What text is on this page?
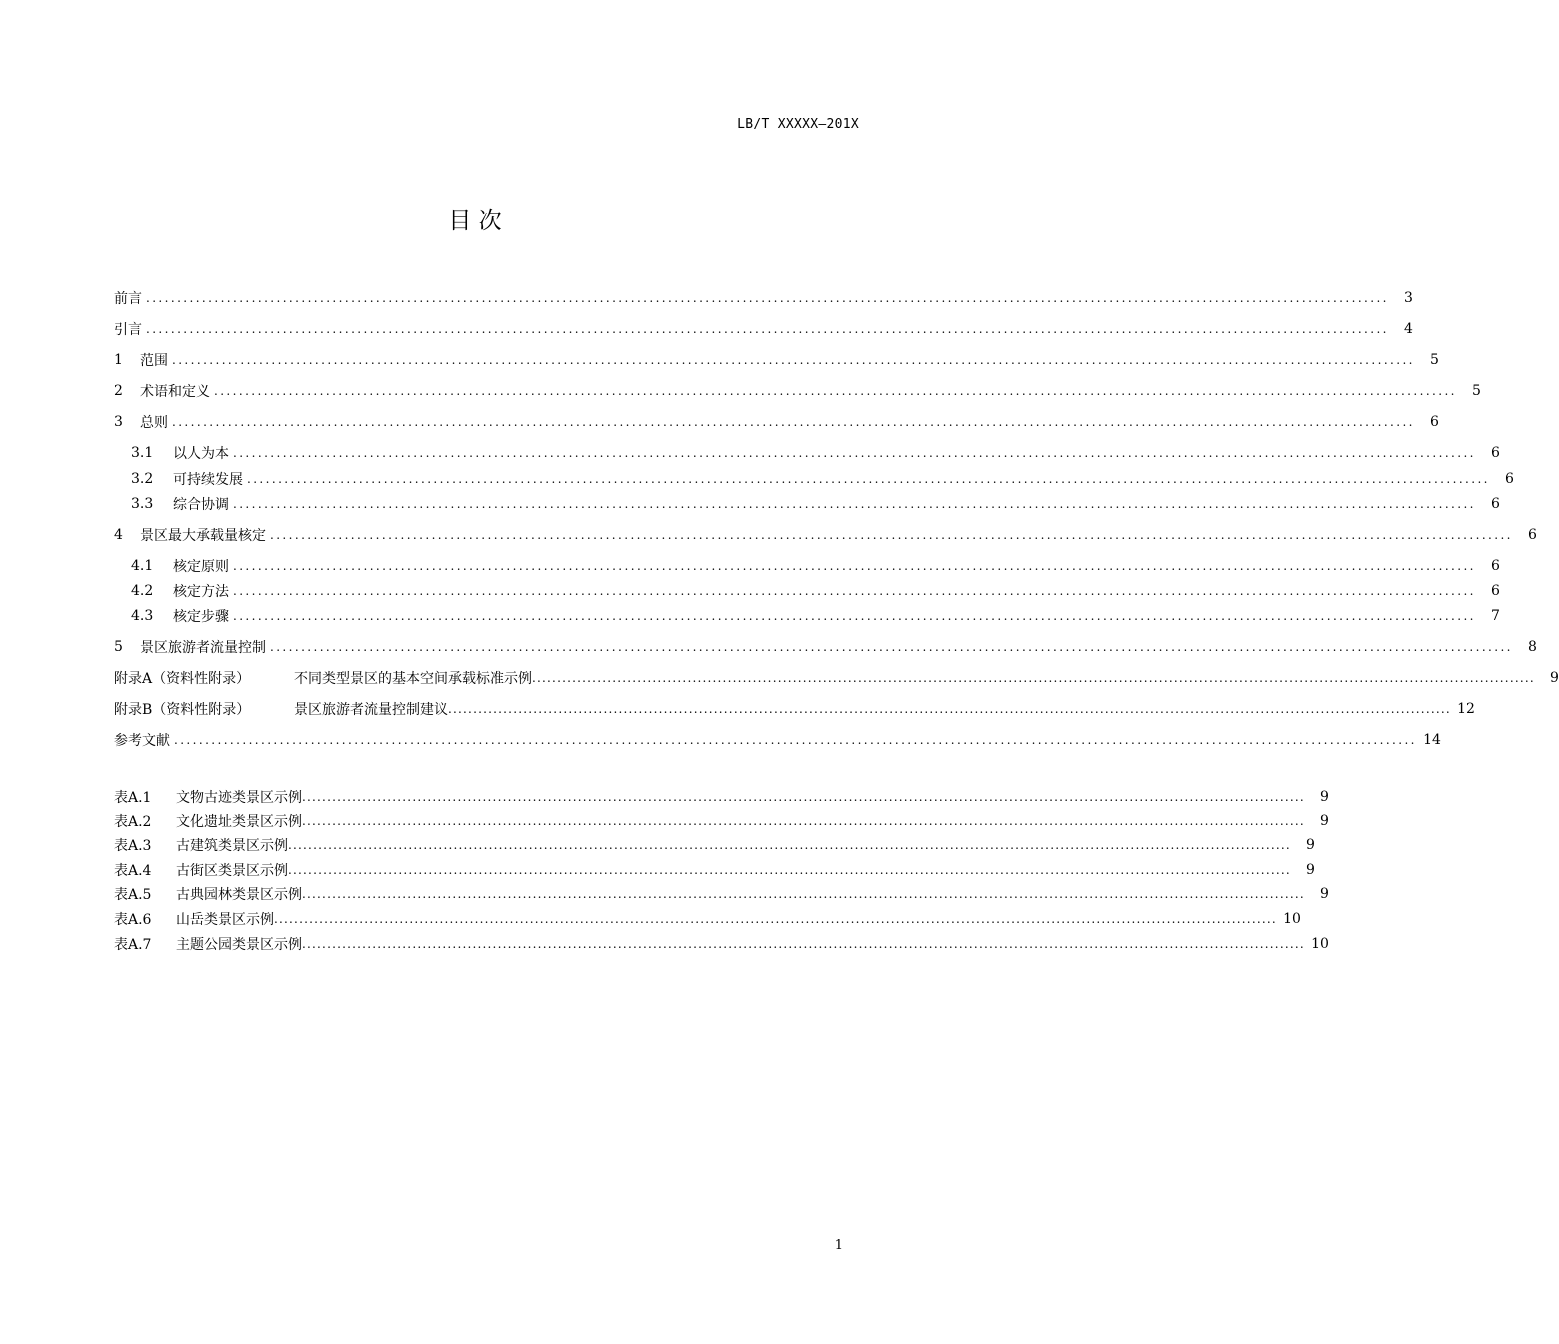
LB/T XXXXX—201X
目 次
前言 ........................................................................................................................................................................................................	3
引言 ........................................................................................................................................................................................................	4
1	范围 ........................................................................................................................................................................................................	5
2	术语和定义 ........................................................................................................................................................................................................	5
3	总则 ........................................................................................................................................................................................................	6
3.1	以人为本 ........................................................................................................................................................................................................	6
3.2	可持续发展 ........................................................................................................................................................................................................	6
3.3	综合协调 ........................................................................................................................................................................................................	6
4	景区最大承载量核定 ........................................................................................................................................................................................................	6
4.1	核定原则 ........................................................................................................................................................................................................	6
4.2	核定方法 ........................................................................................................................................................................................................	6
4.3	核定步骤 ........................................................................................................................................................................................................	7
5	景区旅游者流量控制 ........................................................................................................................................................................................................	8
附录A（资料性附录）	不同类型景区的基本空间承载标准示例 ........................................................................................................................................................................................................	9
附录B（资料性附录）	景区旅游者流量控制建议 ........................................................................................................................................................................................................ 12
参考文献 ........................................................................................................................................................................................................ 14
表A.1	文物古迹类景区示例 ........................................................................................................................................................................................................	9
表A.2	文化遗址类景区示例 ........................................................................................................................................................................................................	9
表A.3	古建筑类景区示例 ........................................................................................................................................................................................................	9
表A.4	古街区类景区示例 ........................................................................................................................................................................................................	9
表A.5	古典园林类景区示例 ........................................................................................................................................................................................................	9
表A.6	山岳类景区示例 ........................................................................................................................................................................................................ 10
表A.7	主题公园类景区示例 ........................................................................................................................................................................................................ 10
1
